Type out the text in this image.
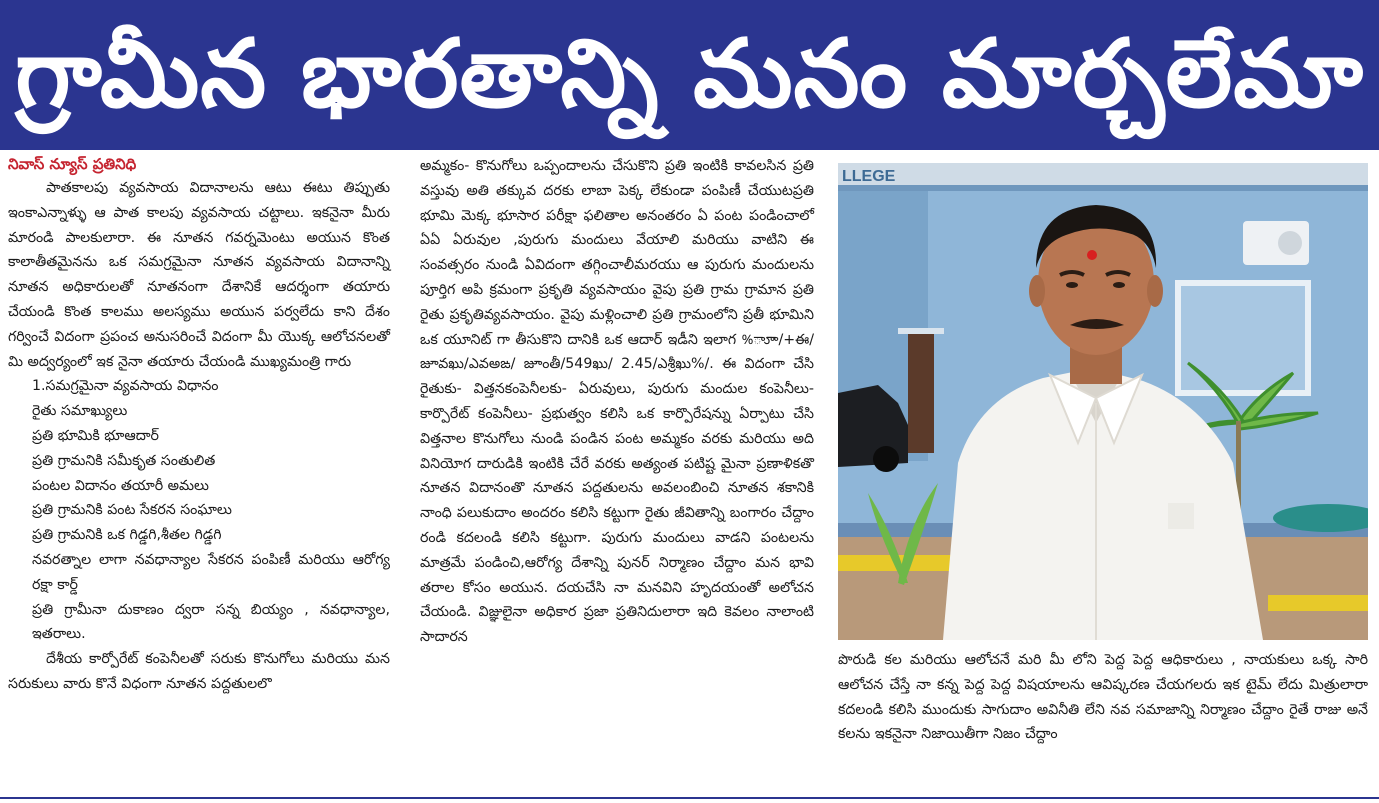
గ్రామీన భారతాన్ని మనం మార్చలేమా

నివాస్ న్యూస్ ప్రతినిధి

పాతకాలపు వ్యవసాయ విదానాలను ఆటు ఈటు తిప్పుతు ఇంకాఎన్నాళ్ళు ఆ పాత కాలపు వ్యవసాయ చట్టాలు. ఇకనైనా మీరు మారండి పాలకులారా. ఈ నూతన గవర్నమెంటు అయున కొంత కాలాతీతమైనను ఒక సమగ్రమైనా నూతన వ్యవసాయ విదానాన్ని నూతన అధికారులతో నూతనంగా దేశానికే ఆదర్శంగా తయారు చేయండి కొంత కాలము అలస్యము అయున పర్వలేదు కాని దేశం గర్వించే విదంగా ప్రపంచ అనుసరించే విదంగా మీ యొక్క ఆలోచనలతో మి అద్వర్యంలో ఇక నైనా తయారు చేయండి ముఖ్యమంత్రి గారు

1.సమగ్రమైనా వ్యవసాయ విధానం

రైతు సమాఖ్యులు

ప్రతి భూమికి భూఆదార్

ప్రతి గ్రామనికి సమీకృత సంతులిత

పంటల విదానం తయారీ అమలు

ప్రతి గ్రామనికి పంట సేకరన సంఘాలు

ప్రతి గ్రామనికి ఒక గిడ్డగి,శీతల గిడ్డగి

నవరత్నాల లాగా నవధాన్యాల సేకరన పంపిణీ మరియు ఆరోగ్య రక్షా కార్డ్

ప్రతి గ్రామీనా దుకాణం ద్వరా సన్న బియ్యం , నవధాన్యాల, ఇతరాలు.

దేశీయ కార్పోరేట్ కంపెనీలతో సరుకు కొనుగోలు మరియు మన సరుకులు వారు కొనే విధంగా నూతన పద్దతులలొ

అమ్మకం- కొనుగోలు ఒప్పందాలను చేసుకొని ప్రతి ఇంటికి కావలసిన ప్రతి వస్తువు అతి తక్కువ దరకు లాబా పెక్క లేకుండా పంపిణీ చేయుటప్రతి భూమి మెక్క భూసార పరీక్షా ఫలితాల అనంతరం ఏ పంట పండించాలో ఏఏ ఏరువుల ,పురుగు మందులు వేయాలి మరియు వాటిని ఈ సంవత్సరం నుండి ఏవిదంగా తగ్గించాలీమరయు ఆ పురుగు మందులను పూర్తిగ అపి క్రమంగా ప్రకృతి వ్యవసాయం వైపు ప్రతి గ్రామ గ్రామాన ప్రతి రైతు ప్రకృతివ్యవసాయం. వైపు మళ్లించాలి ప్రతి గ్రామంలోని ప్రతీ భూమిని ఒక యూనిట్ గా తీసుకొని దానికి ఒక ఆదార్ ఇడీని ఇలాగ %ాూా/+ఈ/జూవఖు/ఎవఅఙ/ జూంతీ/549ఖు/ 2.45/ఎశ్రీఖు%/. ఈ విదంగా చేసి రైతుకు- విత్తనకంపెనీలకు- ఏరువులు, పురుగు మందుల కంపెనీలు- కార్పొరేట్ కంపెనీలు- ప్రభుత్వం కలిసి ఒక కార్పొరేషన్ను ఏర్పాటు చేసి విత్తనాల కొనుగోలు నుండి పండిన పంట అమ్మకం వరకు మరియు అది వినియోగ దారుడికి ఇంటికి చేరే వరకు అత్యంత పటిష్ట మైనా ప్రణాళికతొ నూతన విదానంతొ నూతన పద్దతులను అవలంబించి నూతన శకానికి నాంధి పలుకుదాం అందరం కలిసి కట్టుగా రైతు జీవితాన్ని బంగారం చేద్దాం రండి కదలండి కలిసి కట్టుగా. పురుగు మందులు వాడని పంటలను మాత్రమే పండించి,ఆరోగ్య దేశాన్ని పునర్ నిర్మాణం చేద్దాం మన భావి తరాల కోసం అయున. దయచేసి నా మనవిని హృదయంతో అలోచన చేయండి. విజ్ఞులైనా అధికార ప్రజా ప్రతినిదులారా ఇది కెవలం నాలాంటి సాదారన

LLEGE

పొరుడి కల మరియు ఆలోచనే మరి మీ లోని పెద్ద పెద్ద ఆధికారులు , నాయకులు ఒక్క సారి ఆలోచన చేస్తే నా కన్న పెద్ద పెద్ద విషయాలను ఆవిష్కరణ చేయగలరు ఇక టైమ్ లేదు మిత్రులారా కదలండి కలిసి ముందుకు సాగుదాం అవినీతి లేని నవ సమాజాన్ని నిర్మాణం చేద్దాం రైతే రాజు అనే కలను ఇకనైనా నిజాయితీగా నిజం చేద్దాం
